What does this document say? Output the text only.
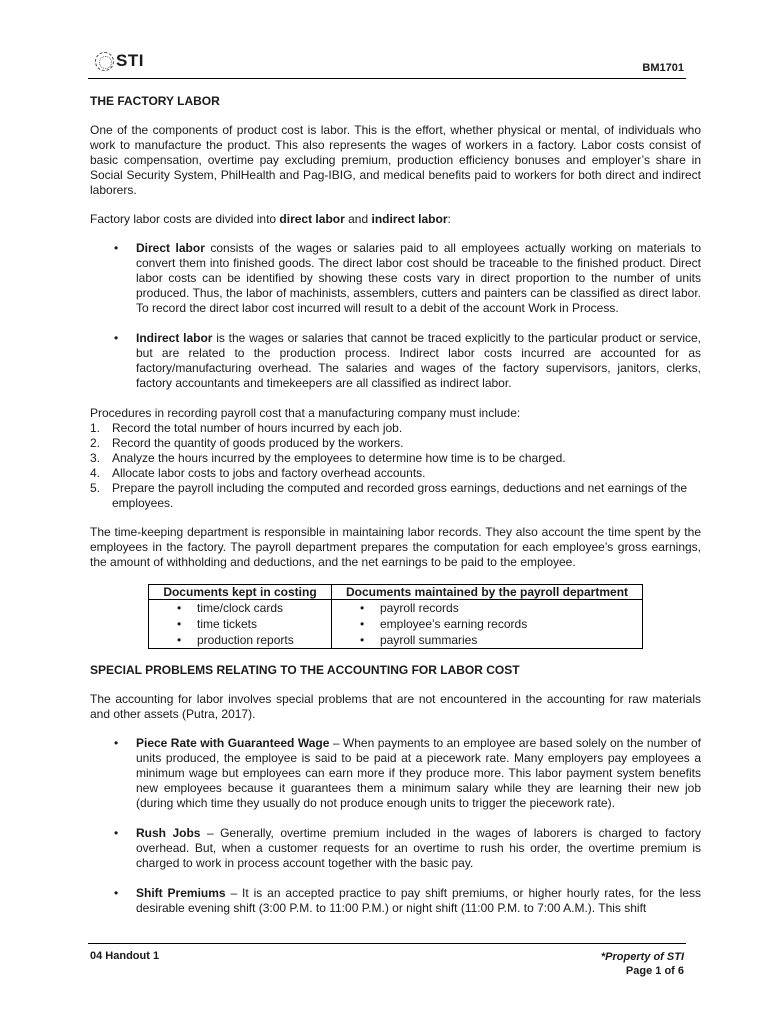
STI	BM1701
THE FACTORY LABOR

One of the components of product cost is labor. This is the effort, whether physical or mental, of individuals who work to manufacture the product. This also represents the wages of workers in a factory. Labor costs consist of basic compensation, overtime pay excluding premium, production efficiency bonuses and employer’s share in Social Security System, PhilHealth and Pag-IBIG, and medical benefits paid to workers for both direct and indirect laborers.

Factory labor costs are divided into direct labor and indirect labor:

• Direct labor consists of the wages or salaries paid to all employees actually working on materials to convert them into finished goods. The direct labor cost should be traceable to the finished product. Direct labor costs can be identified by showing these costs vary in direct proportion to the number of units produced. Thus, the labor of machinists, assemblers, cutters and painters can be classified as direct labor. To record the direct labor cost incurred will result to a debit of the account Work in Process.
• Indirect labor is the wages or salaries that cannot be traced explicitly to the particular product or service, but are related to the production process. Indirect labor costs incurred are accounted for as factory/manufacturing overhead. The salaries and wages of the factory supervisors, janitors, clerks, factory accountants and timekeepers are all classified as indirect labor.
Procedures in recording payroll cost that a manufacturing company must include:
1. Record the total number of hours incurred by each job.
2. Record the quantity of goods produced by the workers.
3. Analyze the hours incurred by the employees to determine how time is to be charged.
4. Allocate labor costs to jobs and factory overhead accounts.
5. Prepare the payroll including the computed and recorded gross earnings, deductions and net earnings of the employees.

The time-keeping department is responsible in maintaining labor records. They also account the time spent by the employees in the factory. The payroll department prepares the computation for each employee’s gross earnings, the amount of withholding and deductions, and the net earnings to be paid to the employee.

Documents kept in costing	Documents maintained by the payroll department
• time/clock cards	• payroll records
• time tickets	• employee’s earning records
• production reports	• payroll summaries
SPECIAL PROBLEMS RELATING TO THE ACCOUNTING FOR LABOR COST

The accounting for labor involves special problems that are not encountered in the accounting for raw materials and other assets (Putra, 2017).

• Piece Rate with Guaranteed Wage – When payments to an employee are based solely on the number of units produced, the employee is said to be paid at a piecework rate. Many employers pay employees a minimum wage but employees can earn more if they produce more. This labor payment system benefits new employees because it guarantees them a minimum salary while they are learning their new job (during which time they usually do not produce enough units to trigger the piecework rate).
• Rush Jobs – Generally, overtime premium included in the wages of laborers is charged to factory overhead. But, when a customer requests for an overtime to rush his order, the overtime premium is charged to work in process account together with the basic pay.
• Shift Premiums – It is an accepted practice to pay shift premiums, or higher hourly rates, for the less desirable evening shift (3:00 P.M. to 11:00 P.M.) or night shift (11:00 P.M. to 7:00 A.M.). This shift
04 Handout 1	*Property of STI
Page 1 of 6
